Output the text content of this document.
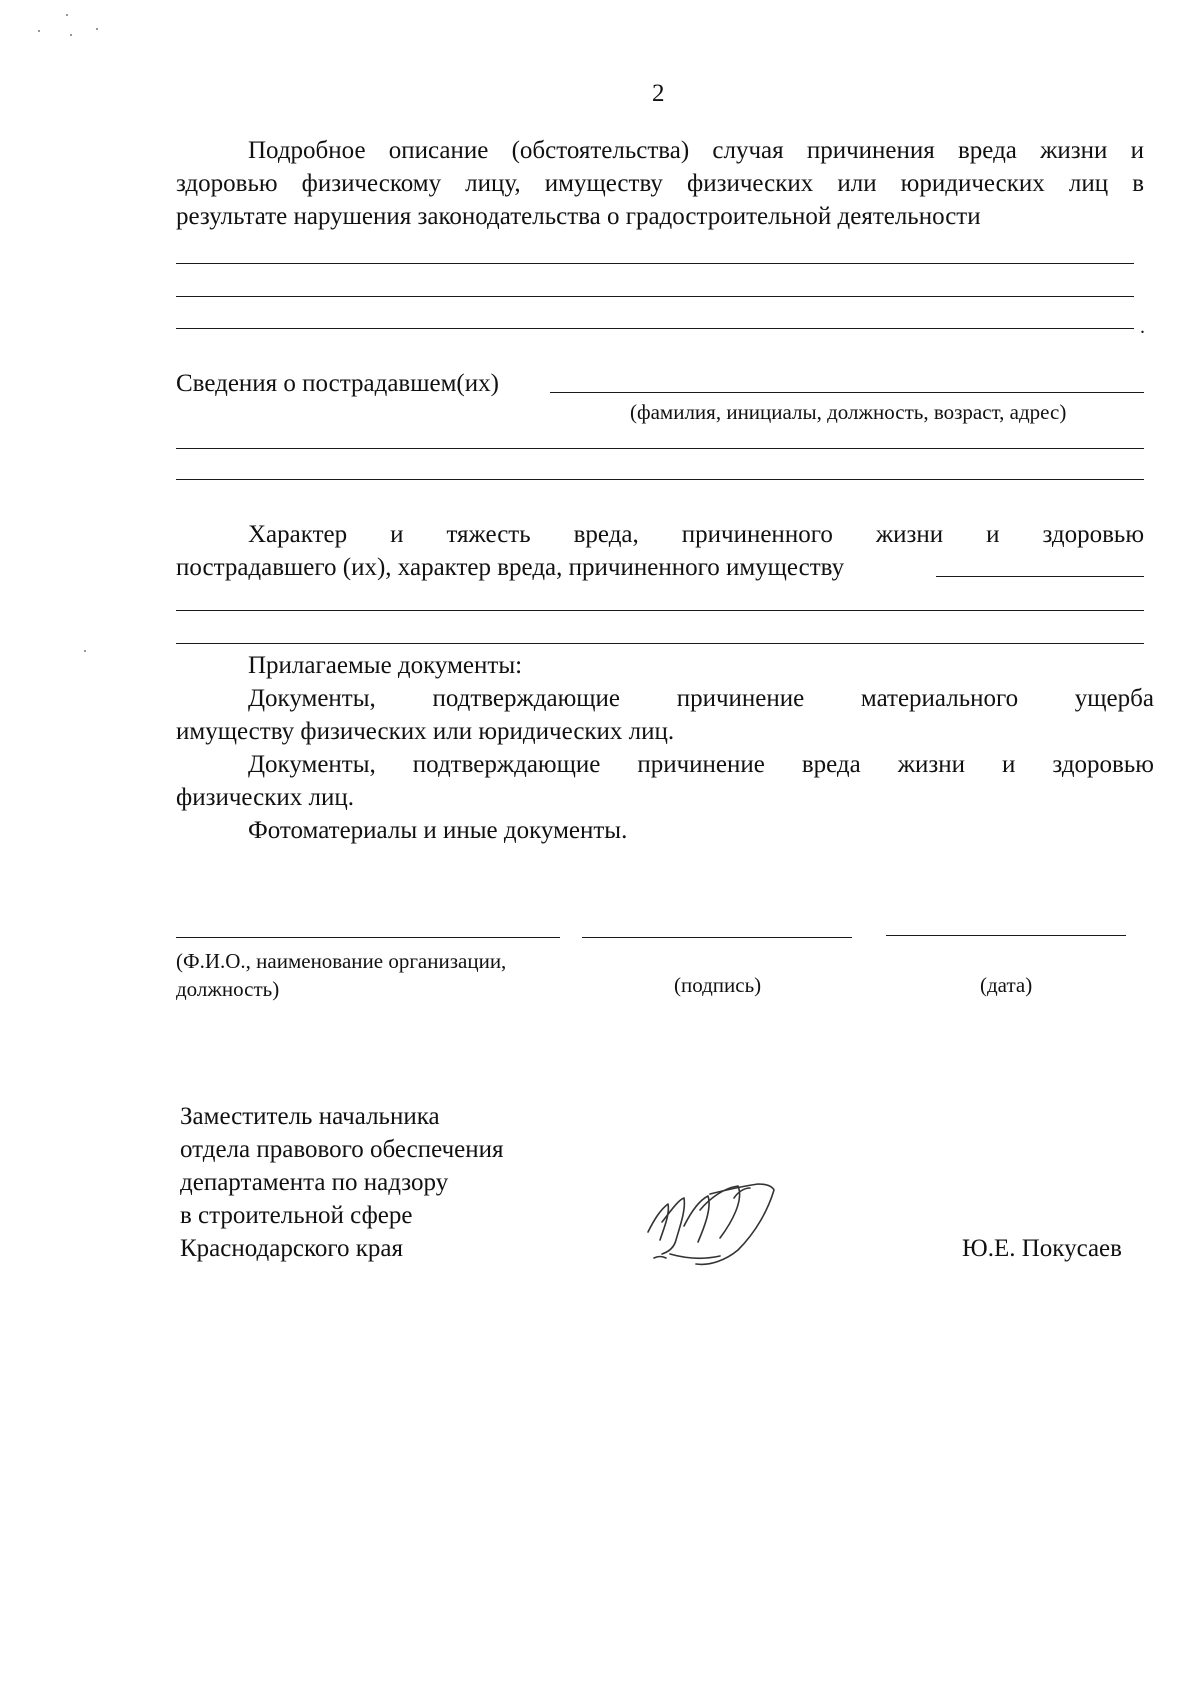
2
Подробное описание (обстоятельства) случая причинения вреда жизни и
здоровью физическому лицу, имуществу физических или юридических лиц в
результате нарушения законодательства о градостроительной деятельности
.
Сведения о пострадавшем(их)
(фамилия, инициалы, должность, возраст, адрес)
Характер и тяжесть вреда, причиненного жизни и здоровью
пострадавшего (их), характер вреда, причиненного имуществу
Прилагаемые документы:
Документы, подтверждающие причинение материального ущерба
имуществу физических или юридических лиц.
Документы, подтверждающие причинение вреда жизни и здоровью
физических лиц.
Фотоматериалы и иные документы.
(Ф.И.О., наименование организации,
должность)	(подпись)	(дата)
Заместитель начальника
отдела правового обеспечения
департамента по надзору
в строительной сфере
Краснодарского края	Ю.Е. Покусаев
